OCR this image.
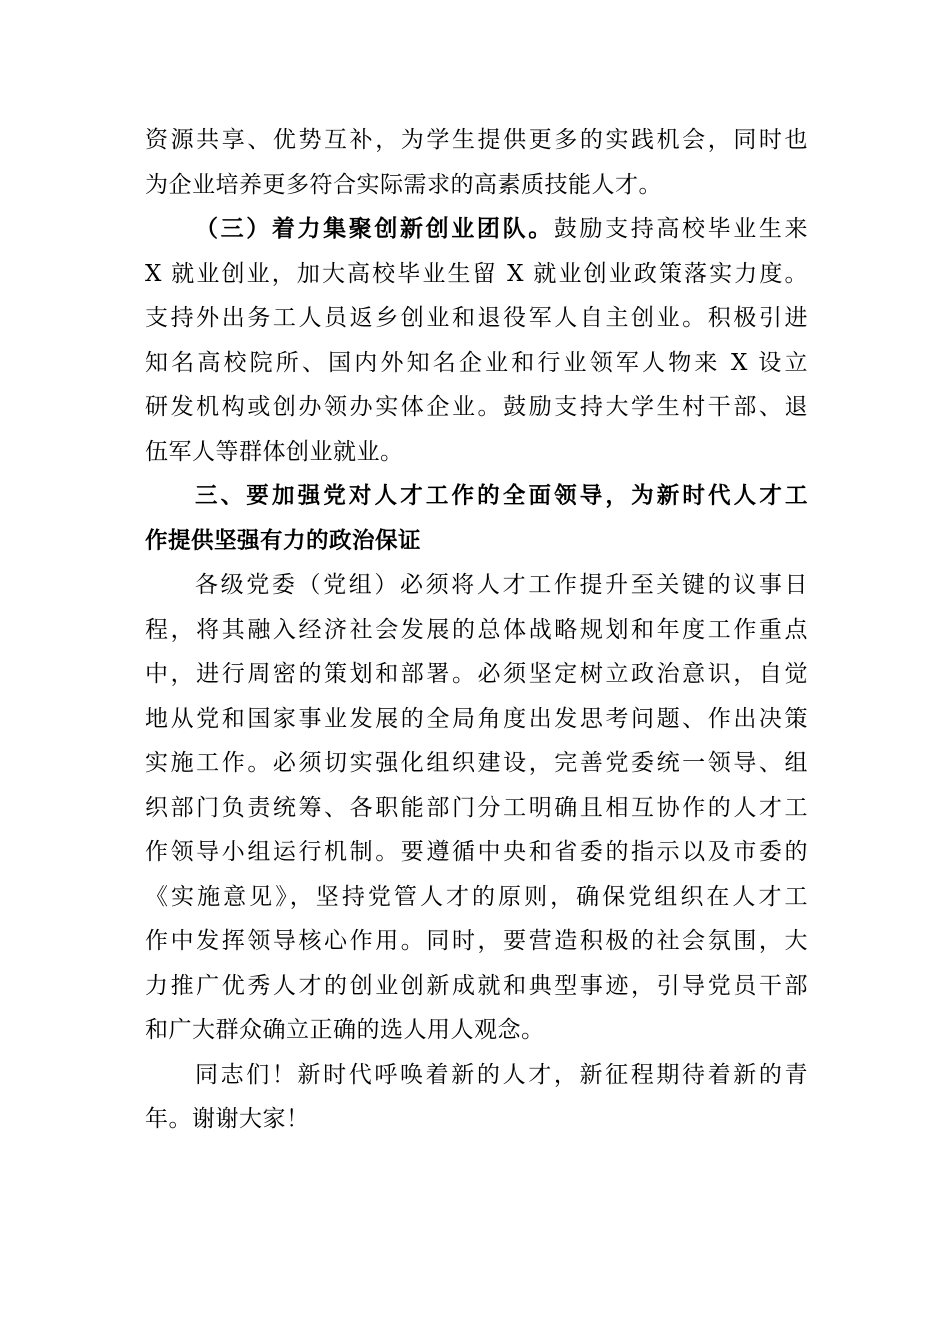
资源共享、优势互补，为学生提供更多的实践机会，同时也

为企业培养更多符合实际需求的高素质技能人才。

（三）着力集聚创新创业团队。鼓励支持高校毕业生来

X 就业创业，加大高校毕业生留 X 就业创业政策落实力度。

支持外出务工人员返乡创业和退役军人自主创业。积极引进

知名高校院所、国内外知名企业和行业领军人物来 X 设立

研发机构或创办领办实体企业。鼓励支持大学生村干部、退

伍军人等群体创业就业。

三、要加强党对人才工作的全面领导，为新时代人才工

作提供坚强有力的政治保证

各级党委（党组）必须将人才工作提升至关键的议事日

程，将其融入经济社会发展的总体战略规划和年度工作重点

中，进行周密的策划和部署。必须坚定树立政治意识，自觉

地从党和国家事业发展的全局角度出发思考问题、作出决策

实施工作。必须切实强化组织建设，完善党委统一领导、组

织部门负责统筹、各职能部门分工明确且相互协作的人才工

作领导小组运行机制。要遵循中央和省委的指示以及市委的

《实施意见》，坚持党管人才的原则，确保党组织在人才工

作中发挥领导核心作用。同时，要营造积极的社会氛围，大

力推广优秀人才的创业创新成就和典型事迹，引导党员干部

和广大群众确立正确的选人用人观念。

同志们！新时代呼唤着新的人才，新征程期待着新的青

年。谢谢大家！
